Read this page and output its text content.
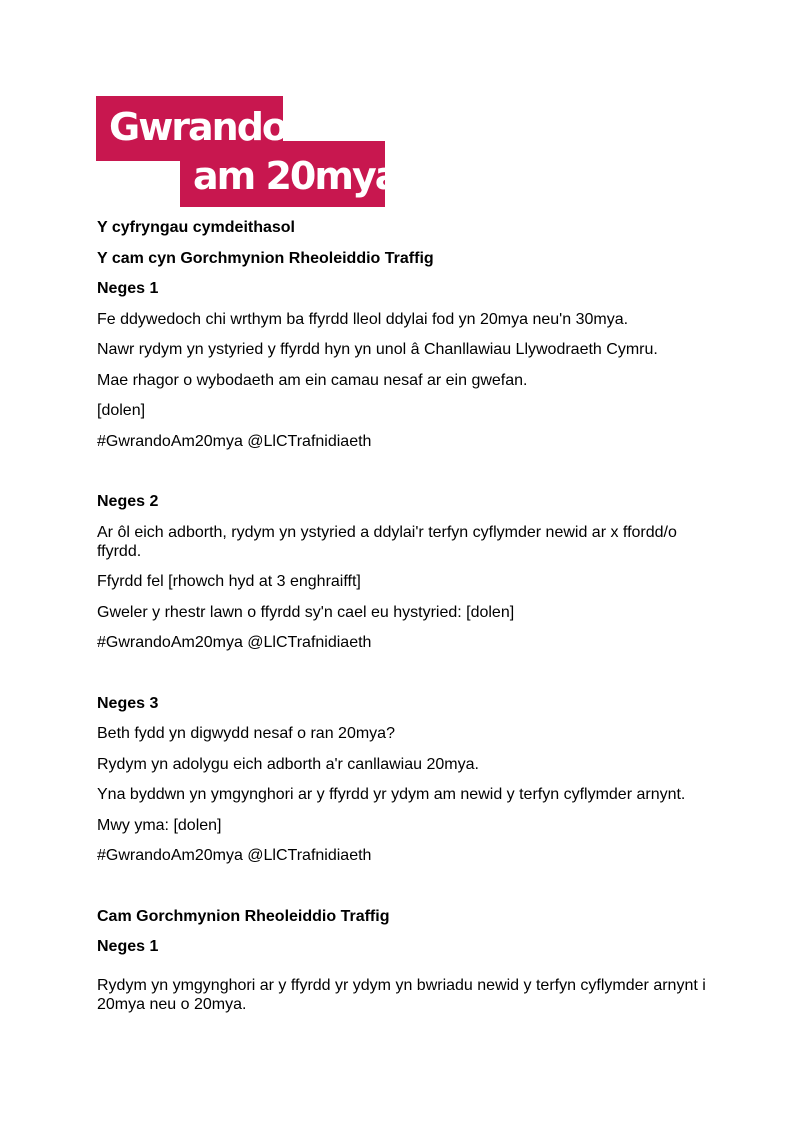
Gwrando
am 20mya
Y cyfryngau cymdeithasol
Y cam cyn Gorchmynion Rheoleiddio Traffig
Neges 1
Fe ddywedoch chi wrthym ba ffyrdd lleol ddylai fod yn 20mya neu'n 30mya.
Nawr rydym yn ystyried y ffyrdd hyn yn unol â Chanllawiau Llywodraeth Cymru.
Mae rhagor o wybodaeth am ein camau nesaf ar ein gwefan.
[dolen]
#GwrandoAm20mya @LlCTrafnidiaeth
Neges 2
Ar ôl eich adborth, rydym yn ystyried a ddylai'r terfyn cyflymder newid ar x ffordd/o ffyrdd.
Ffyrdd fel [rhowch hyd at 3 enghraifft]
Gweler y rhestr lawn o ffyrdd sy'n cael eu hystyried: [dolen]
#GwrandoAm20mya @LlCTrafnidiaeth
Neges 3
Beth fydd yn digwydd nesaf o ran 20mya?
Rydym yn adolygu eich adborth a'r canllawiau 20mya.
Yna byddwn yn ymgynghori ar y ffyrdd yr ydym am newid y terfyn cyflymder arnynt.
Mwy yma: [dolen]
#GwrandoAm20mya @LlCTrafnidiaeth
Cam Gorchmynion Rheoleiddio Traffig
Neges 1
Rydym yn ymgynghori ar y ffyrdd yr ydym yn bwriadu newid y terfyn cyflymder arnynt i 20mya neu o 20mya.
